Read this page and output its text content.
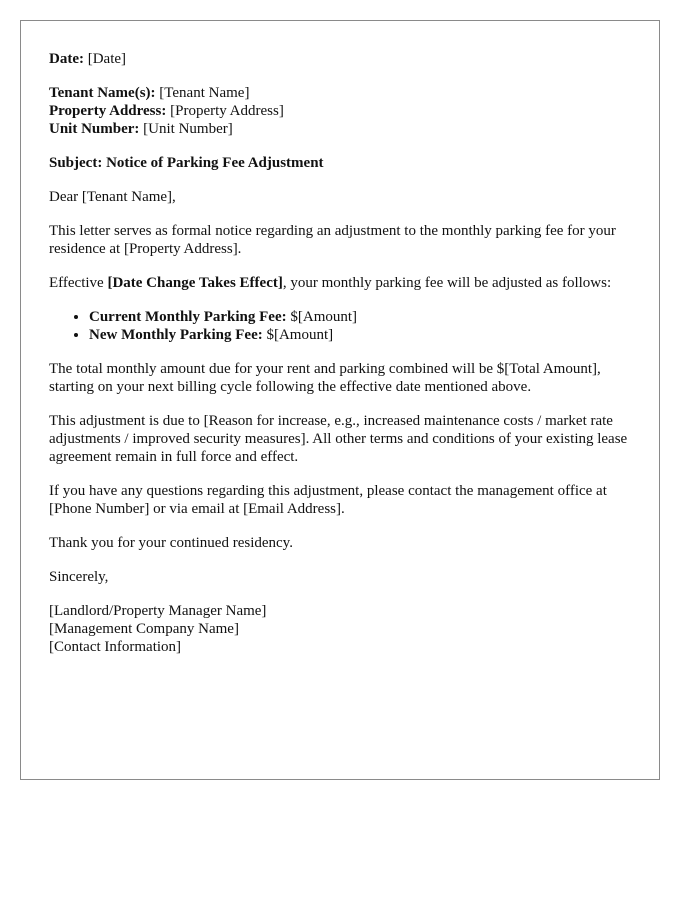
Date: [Date]
Tenant Name(s): [Tenant Name]
Property Address: [Property Address]
Unit Number: [Unit Number]
Subject: Notice of Parking Fee Adjustment
Dear [Tenant Name],
This letter serves as formal notice regarding an adjustment to the monthly parking fee for your residence at [Property Address].
Effective [Date Change Takes Effect], your monthly parking fee will be adjusted as follows:
• Current Monthly Parking Fee: $[Amount]
• New Monthly Parking Fee: $[Amount]
The total monthly amount due for your rent and parking combined will be $[Total Amount], starting on your next billing cycle following the effective date mentioned above.
This adjustment is due to [Reason for increase, e.g., increased maintenance costs / market rate adjustments / improved security measures]. All other terms and conditions of your existing lease agreement remain in full force and effect.
If you have any questions regarding this adjustment, please contact the management office at [Phone Number] or via email at [Email Address].
Thank you for your continued residency.
Sincerely,
[Landlord/Property Manager Name]
[Management Company Name]
[Contact Information]
